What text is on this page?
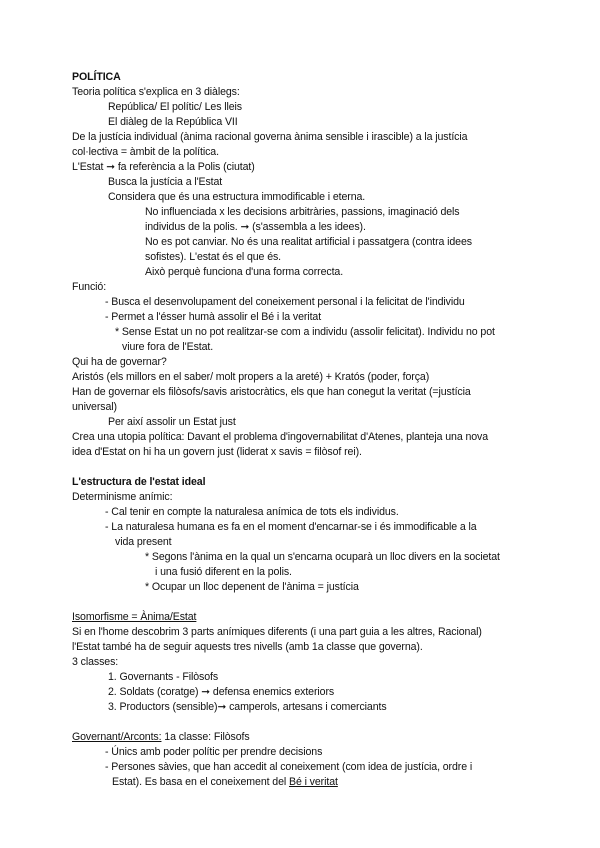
POLÍTICA
Teoria política s'explica en 3 diàlegs:
República/ El polític/ Les lleis
El diàleg de la República VII
De la justícia individual (ànima racional governa ànima sensible i irascible) a la justícia
col·lectiva = àmbit de la política.
L'Estat ➞ fa referència a la Polis (ciutat)
Busca la justícia a l'Estat
Considera que és una estructura immodificable i eterna.
No influenciada x les decisions arbitràries, passions, imaginació dels
individus de la polis. ➞ (s'assembla a les idees).
No es pot canviar. No és una realitat artificial i passatgera (contra idees
sofistes). L'estat és el que és.
Això perquè funciona d'una forma correcta.
Funció:
- Busca el desenvolupament del coneixement personal i la felicitat de l'individu
- Permet a l'ésser humà assolir el Bé i la veritat
* Sense Estat un no pot realitzar-se com a individu (assolir felicitat). Individu no pot
viure fora de l'Estat.
Qui ha de governar?
Aristós (els millors en el saber/ molt propers a la areté) + Kratós (poder, força)
Han de governar els filòsofs/savis aristocràtics, els que han conegut la veritat (=justícia
universal)
Per així assolir un Estat just
Crea una utopia política: Davant el problema d'ingovernabilitat d'Atenes, planteja una nova
idea d'Estat on hi ha un govern just (liderat x savis = filòsof rei).
L'estructura de l'estat ideal
Determinisme anímic:
- Cal tenir en compte la naturalesa anímica de tots els individus.
- La naturalesa humana es fa en el moment d'encarnar-se i és immodificable a la
vida present
* Segons l'ànima en la qual un s'encarna ocuparà un lloc divers en la societat
i una fusió diferent en la polis.
* Ocupar un lloc depenent de l'ànima = justícia
Isomorfisme = Ànima/Estat
Si en l'home descobrim 3 parts anímiques diferents (i una part guia a les altres, Racional)
l'Estat també ha de seguir aquests tres nivells (amb 1a classe que governa).
3 classes:
1. Governants - Filòsofs
2. Soldats (coratge) ➞ defensa enemics exteriors
3. Productors (sensible)➞ camperols, artesans i comerciants
Governant/Arconts: 1a classe: Filòsofs
- Únics amb poder polític per prendre decisions
- Persones sàvies, que han accedit al coneixement (com idea de justícia, ordre i
Estat). Es basa en el coneixement del Bé i veritat
